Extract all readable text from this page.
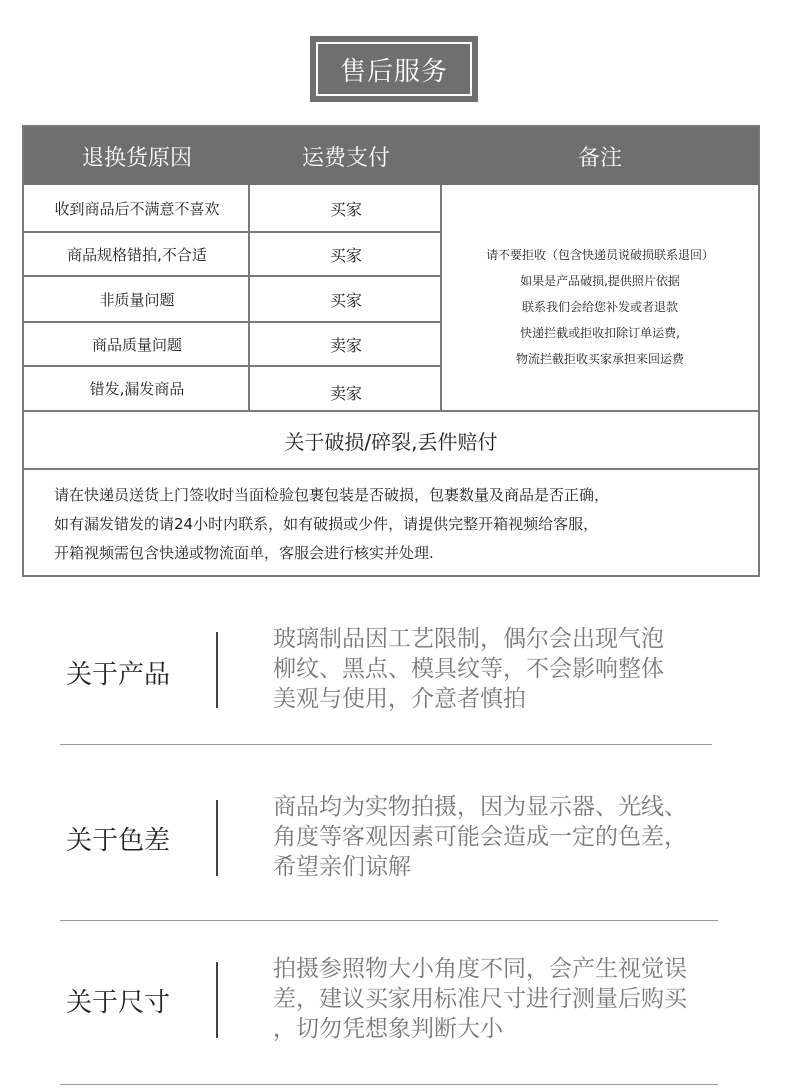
售后服务
退换货原因	运费支付	备注
收到商品后不满意不喜欢	买家
商品规格错拍,不合适	买家
非质量问题	买家
商品质量问题	卖家
错发,漏发商品	卖家
请不要拒收（包含快递员说破损联系退回）
如果是产品破损,提供照片依据
联系我们会给您补发或者退款
快递拦截或拒收扣除订单运费,
物流拦截拒收买家承担来回运费
关于破损/碎裂,丢件赔付
请在快递员送货上门签收时当面检验包裹包装是否破损，包裹数量及商品是否正确，
如有漏发错发的请24小时内联系，如有破损或少件，请提供完整开箱视频给客服，
开箱视频需包含快递或物流面单，客服会进行核实并处理.
关于产品
玻璃制品因工艺限制，偶尔会出现气泡
柳纹、黑点、模具纹等，不会影响整体
美观与使用，介意者慎拍
关于色差
商品均为实物拍摄，因为显示器、光线、
角度等客观因素可能会造成一定的色差，
希望亲们谅解
关于尺寸
拍摄参照物大小角度不同，会产生视觉误
差，建议买家用标准尺寸进行测量后购买
，切勿凭想象判断大小
